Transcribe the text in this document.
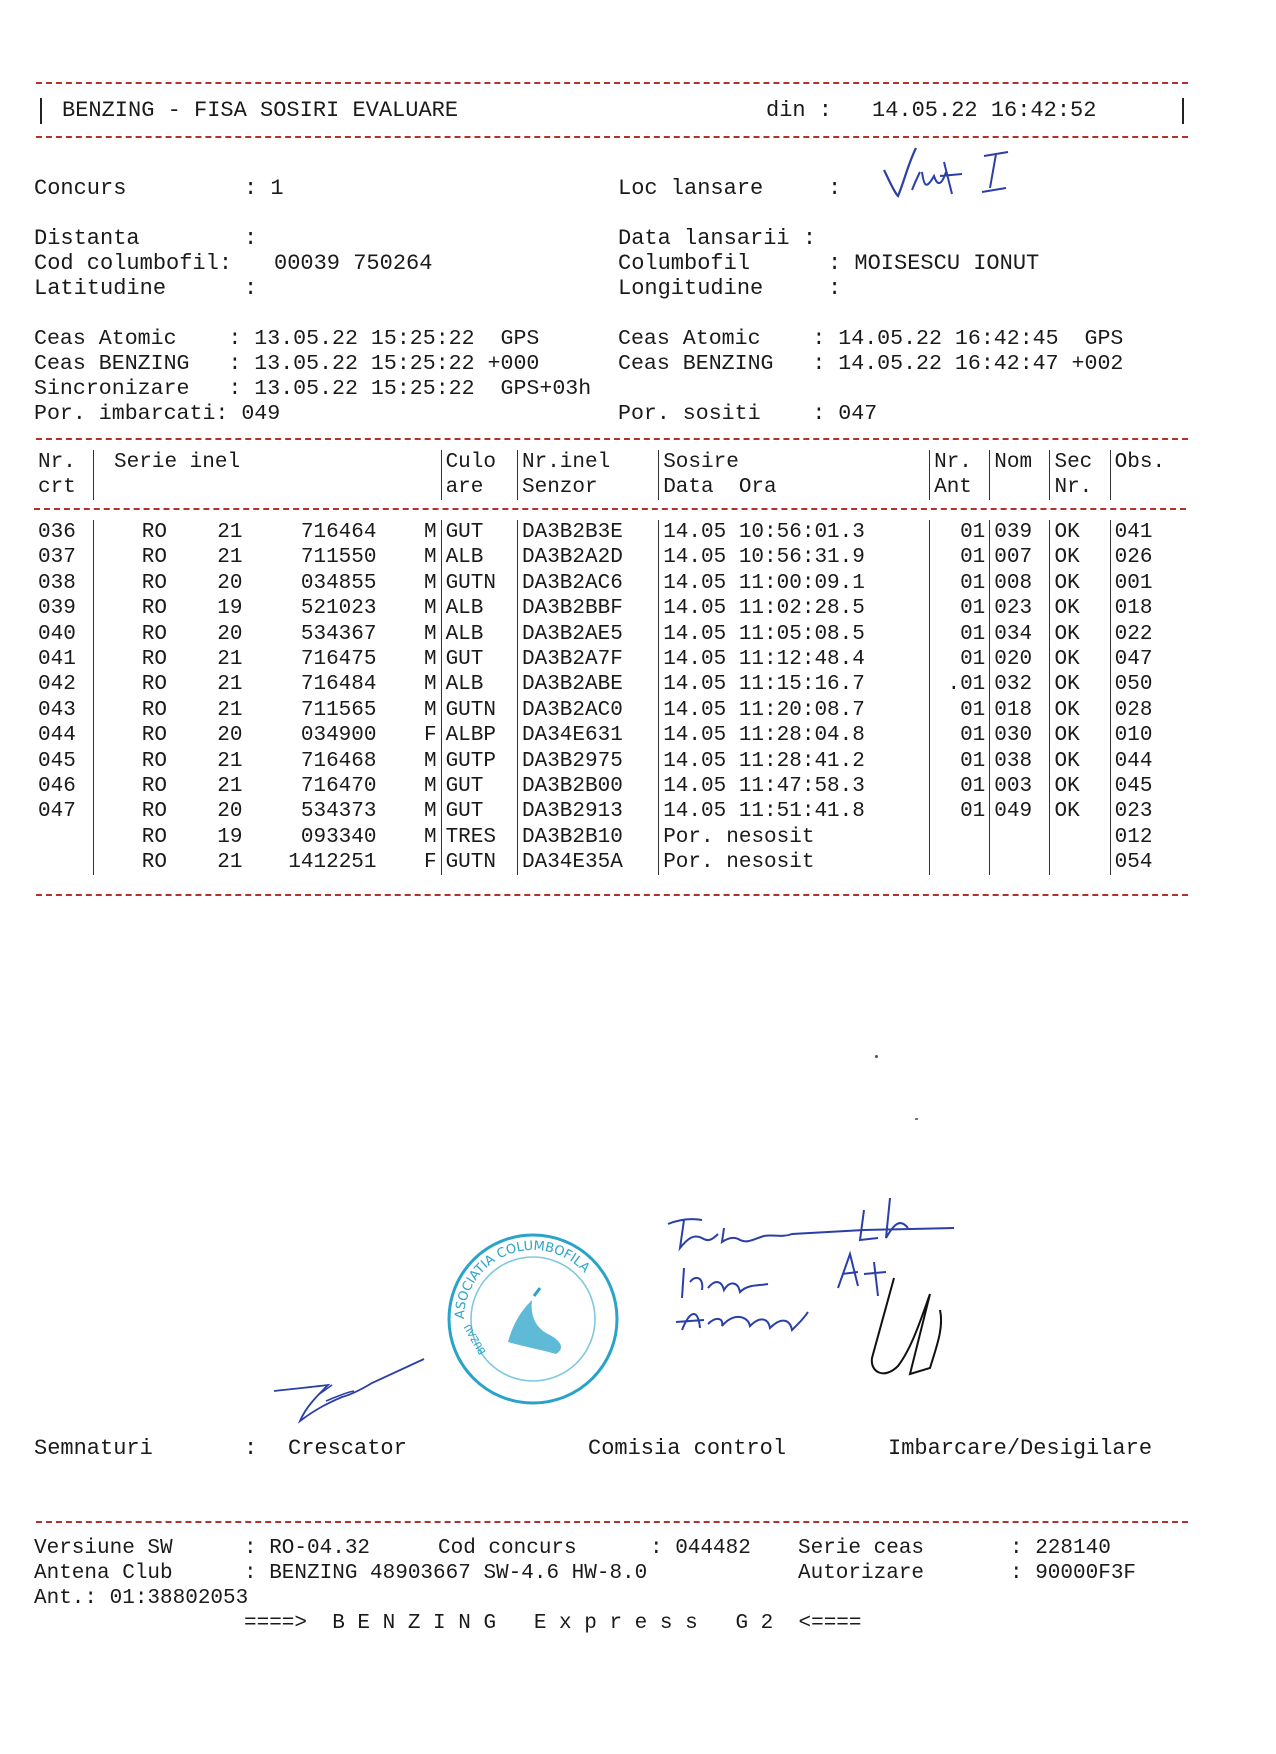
BENZING - FISA SOSIRI EVALUARE	din : 14.05.22 16:42:52
Concurs	: 1	Loc lansare	:
Distanta	:	Data lansarii :
Cod columbofil: 00039 750264	Columbofil	: MOISESCU IONUT
Latitudine	:	Longitudine	:
Ceas Atomic    : 13.05.22 15:25:22  GPS
Ceas BENZING   : 13.05.22 15:25:22 +000
Sincronizare   : 13.05.22 15:25:22  GPS+03h
Por. imbarcati: 049
Ceas Atomic    : 14.05.22 16:42:45  GPS
Ceas BENZING   : 14.05.22 16:42:47 +002
Por. sositi    : 047
Nr.	Serie inel				Culo	Nr.inel	Sosire	Nr.	Nom	Sec	Obs.
crt					are	Senzor	Data  Ora	Ant		Nr.	

036	RO	21	716464	M	GUT	DA3B2B3E	14.05 10:56:01.3	01	039	OK	041
037	RO	21	711550	M	ALB	DA3B2A2D	14.05 10:56:31.9	01	007	OK	026
038	RO	20	034855	M	GUTN	DA3B2AC6	14.05 11:00:09.1	01	008	OK	001
039	RO	19	521023	M	ALB	DA3B2BBF	14.05 11:02:28.5	01	023	OK	018
040	RO	20	534367	M	ALB	DA3B2AE5	14.05 11:05:08.5	01	034	OK	022
041	RO	21	716475	M	GUT	DA3B2A7F	14.05 11:12:48.4	01	020	OK	047
042	RO	21	716484	M	ALB	DA3B2ABE	14.05 11:15:16.7	.01	032	OK	050
043	RO	21	711565	M	GUTN	DA3B2AC0	14.05 11:20:08.7	01	018	OK	028
044	RO	20	034900	F	ALBP	DA34E631	14.05 11:28:04.8	01	030	OK	010
045	RO	21	716468	M	GUTP	DA3B2975	14.05 11:28:41.2	01	038	OK	044
046	RO	21	716470	M	GUT	DA3B2B00	14.05 11:47:58.3	01	003	OK	045
047	RO	20	534373	M	GUT	DA3B2913	14.05 11:51:41.8	01	049	OK	023
	RO	19	093340	M	TRES	DA3B2B10	Por. nesosit				012
	RO	21	1412251	F	GUTN	DA34E35A	Por. nesosit				054
ASOCIATIA COLUMBOFILA
BUZAU
Semnaturi	: Crescator	Comisia control	Imbarcare/Desigilare
Versiune SW	: RO-04.32	Cod concurs	: 044482 Serie ceas	: 228140
Antena Club	: BENZING 48903667 SW-4.6 HW-8.0	Autorizare	: 90000F3F
Ant.: 01:38802053
====>  B E N Z I N G   E x p r e s s   G 2  <====
